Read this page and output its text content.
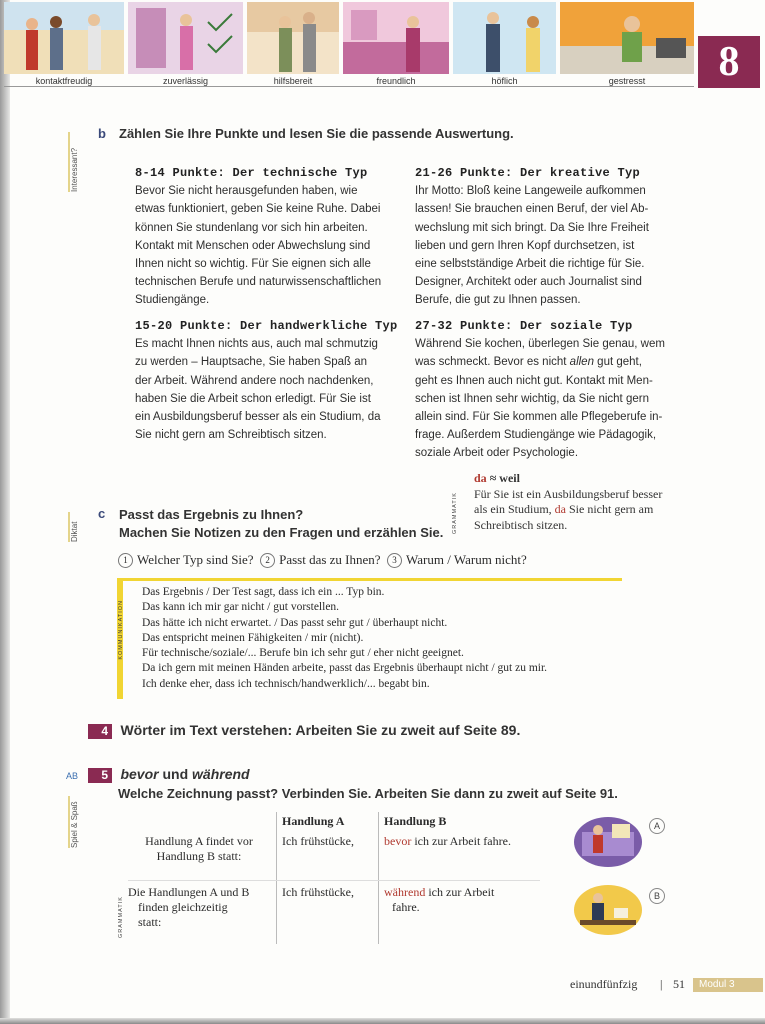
kontaktfreudig	zuverlässig	hilfsbereit	freundlich	höflich	gestresst	8
Interessant?
Diktat
AB
Spiel & Spaß
b Zählen Sie Ihre Punkte und lesen Sie die passende Auswertung.
8-14 Punkte: Der technische Typ

Bevor Sie nicht herausgefunden haben, wie

etwas funktioniert, geben Sie keine Ruhe. Dabei

können Sie stundenlang vor sich hin arbeiten.

Kontakt mit Menschen oder Abwechslung sind

Ihnen nicht so wichtig. Für Sie eignen sich alle

technischen Berufe und naturwissenschaftlichen

Studiengänge.

15-20 Punkte: Der handwerkliche Typ

Es macht Ihnen nichts aus, auch mal schmutzig

zu werden – Hauptsache, Sie haben Spaß an

der Arbeit. Während andere noch nachdenken,

haben Sie die Arbeit schon erledigt. Für Sie ist

ein Ausbildungsberuf besser als ein Studium, da

Sie nicht gern am Schreibtisch sitzen.

21-26 Punkte: Der kreative Typ

Ihr Motto: Bloß keine Langeweile aufkommen

lassen! Sie brauchen einen Beruf, der viel Ab-

wechslung mit sich bringt. Da Sie Ihre Freiheit

lieben und gern Ihren Kopf durchsetzen, ist

eine selbstständige Arbeit die richtige für Sie.

Designer, Architekt oder auch Journalist sind

Berufe, die gut zu Ihnen passen.

27-32 Punkte: Der soziale Typ

Während Sie kochen, überlegen Sie genau, wem

was schmeckt. Bevor es nicht allen gut geht,

geht es Ihnen auch nicht gut. Kontakt mit Men-

schen ist Ihnen sehr wichtig, da Sie nicht gern

allein sind. Für Sie kommen alle Pflegeberufe in-

frage. Außerdem Studiengänge wie Pädagogik,

soziale Arbeit oder Psychologie.

GRAMMATIK
da ≈ weil
Für Sie ist ein Ausbildungsberuf besser
als ein Studium, da Sie nicht gern am
Schreibtisch sitzen.
c Passt das Ergebnis zu Ihnen?
Machen Sie Notizen zu den Fragen und erzählen Sie.
1 Welcher Typ sind Sie? 2 Passt das zu Ihnen? 3 Warum / Warum nicht?
Das Ergebnis / Der Test sagt, dass ich ein ... Typ bin.
Das kann ich mir gar nicht / gut vorstellen.
Das hätte ich nicht erwartet. / Das passt sehr gut / überhaupt nicht.
Das entspricht meinen Fähigkeiten / mir (nicht).
Für technische/soziale/... Berufe bin ich sehr gut / eher nicht geeignet.
Da ich gern mit meinen Händen arbeite, passt das Ergebnis überhaupt nicht / gut zu mir.
Ich denke eher, dass ich technisch/handwerklich/... begabt bin.
KOMMUNIKATION
4 Wörter im Text verstehen: Arbeiten Sie zu zweit auf Seite 89.
5 bevor und während
Welche Zeichnung passt? Verbinden Sie. Arbeiten Sie dann zu zweit auf Seite 91.
Handlung A	Handlung B
Handlung A findet vor
Handlung B statt:
Ich frühstücke,	bevor ich zur Arbeit fahre.
Die Handlungen A und B
finden gleichzeitig
statt:
GRAMMATIK
Ich frühstücke,	während ich zur Arbeit
fahre.
A
B
einundfünfzig | 51	Modul 3
